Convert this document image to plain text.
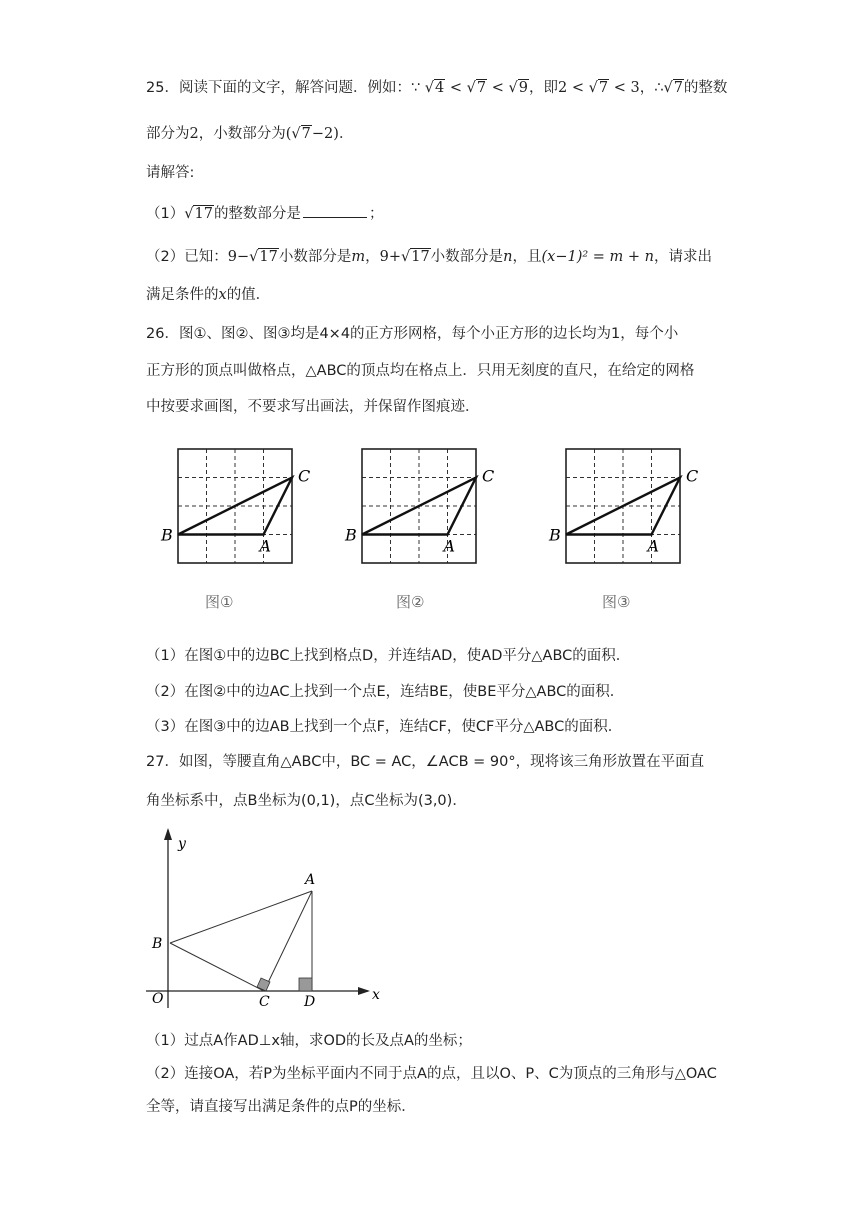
25．阅读下面的文字，解答问题．例如：∵ √4 < √7 < √9，即2 < √7 < 3，∴√7的整数
部分为2，小数部分为(√7−2)．
请解答:
（1）√17的整数部分是	；
（2）已知：9−√17小数部分是m，9+√17小数部分是n，且(x−1)² = m + n，请求出
满足条件的x的值．
26．图①、图②、图③均是4×4的正方形网格，每个小正方形的边长均为1，每个小
正方形的顶点叫做格点，△ABC的顶点均在格点上．只用无刻度的直尺，在给定的网格
中按要求画图，不要求写出画法，并保留作图痕迹．
B
A
C
B
A
C
B
A
C
图①	图②	图③
（1）在图①中的边BC上找到格点D，并连结AD，使AD平分△ABC的面积．
（2）在图②中的边AC上找到一个点E，连结BE，使BE平分△ABC的面积．
（3）在图③中的边AB上找到一个点F，连结CF，使CF平分△ABC的面积．
27．如图，等腰直角△ABC中，BC = AC，∠ACB = 90°，现将该三角形放置在平面直
角坐标系中，点B坐标为(0,1)，点C坐标为(3,0)．
y
x
O
A
B
C D
（1）过点A作AD⊥x轴，求OD的长及点A的坐标；
（2）连接OA，若P为坐标平面内不同于点A的点，且以O、P、C为顶点的三角形与△OAC
全等，请直接写出满足条件的点P的坐标．
